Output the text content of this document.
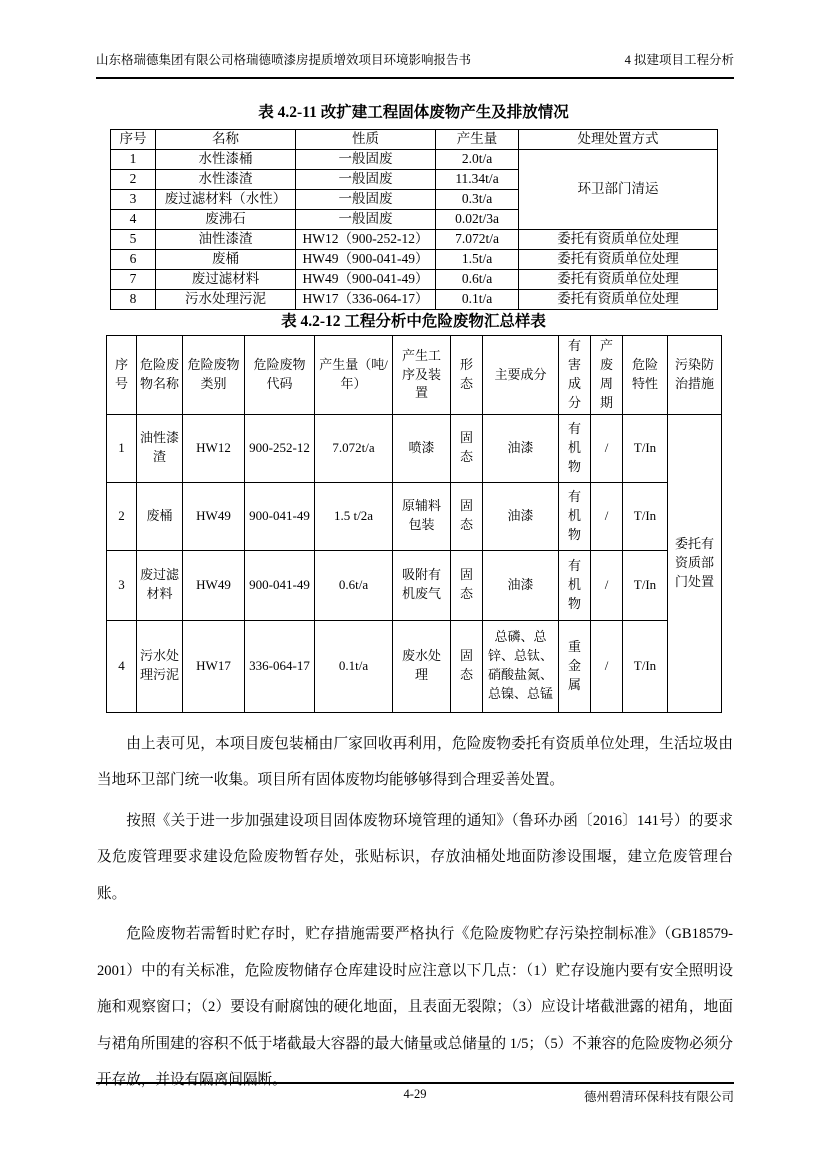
山东格瑞德集团有限公司格瑞德喷漆房提质增效项目环境影响报告书	4 拟建项目工程分析
表 4.2-11 改扩建工程固体废物产生及排放情况
序号	名称	性质	产生量	处理处置方式
1	水性漆桶	一般固废	2.0t/a	环卫部门清运
2	水性漆渣	一般固废	11.34t/a	
3	废过滤材料（水性）	一般固废	0.3t/a	
4	废沸石	一般固废	0.02t/3a	
5	油性漆渣	HW12（900-252-12）	7.072t/a	委托有资质单位处理
6	废桶	HW49（900-041-49）	1.5t/a	委托有资质单位处理
7	废过滤材料	HW49（900-041-49）	0.6t/a	委托有资质单位处理
8	污水处理污泥	HW17（336-064-17）	0.1t/a	委托有资质单位处理
表 4.2-12 工程分析中危险废物汇总样表
序号	危险废物名称	危险废物类别	危险废物代码	产生量（吨/年）	产生工序及装置	形态	主要成分	有害成分	产废周期	危险特性	污染防治措施
1	油性漆渣	HW12	900-252-12	7.072t/a	喷漆	固态	油漆	有机物	/	T/In	委托有资质部门处置
2	废桶	HW49	900-041-49	1.5 t/2a	原辅料包装	固态	油漆	有机物	/	T/In	
3	废过滤材料	HW49	900-041-49	0.6t/a	吸附有机废气	固态	油漆	有机物	/	T/In	
4	污水处理污泥	HW17	336-064-17	0.1t/a	废水处理	固态	总磷、总锌、总钛、硝酸盐氮、总镍、总锰	重金属	/	T/In	

由上表可见，本项目废包装桶由厂家回收再利用，危险废物委托有资质单位处理，生活垃圾由当地环卫部门统一收集。项目所有固体废物均能够够得到合理妥善处置。

按照《关于进一步加强建设项目固体废物环境管理的通知》（鲁环办函〔2016〕141号）的要求及危废管理要求建设危险废物暂存处，张贴标识，存放油桶处地面防渗设围堰，建立危废管理台账。

危险废物若需暂时贮存时，贮存措施需要严格执行《危险废物贮存污染控制标准》（GB18579-2001）中的有关标准，危险废物储存仓库建设时应注意以下几点：（1）贮存设施内要有安全照明设施和观察窗口；（2）要设有耐腐蚀的硬化地面，且表面无裂隙；（3）应设计堵截泄露的裙角，地面与裙角所围建的容积不低于堵截最大容器的最大储量或总储量的 1/5；（5）不兼容的危险废物必须分开存放，并设有隔离间隔断。

4-29	德州碧清环保科技有限公司
